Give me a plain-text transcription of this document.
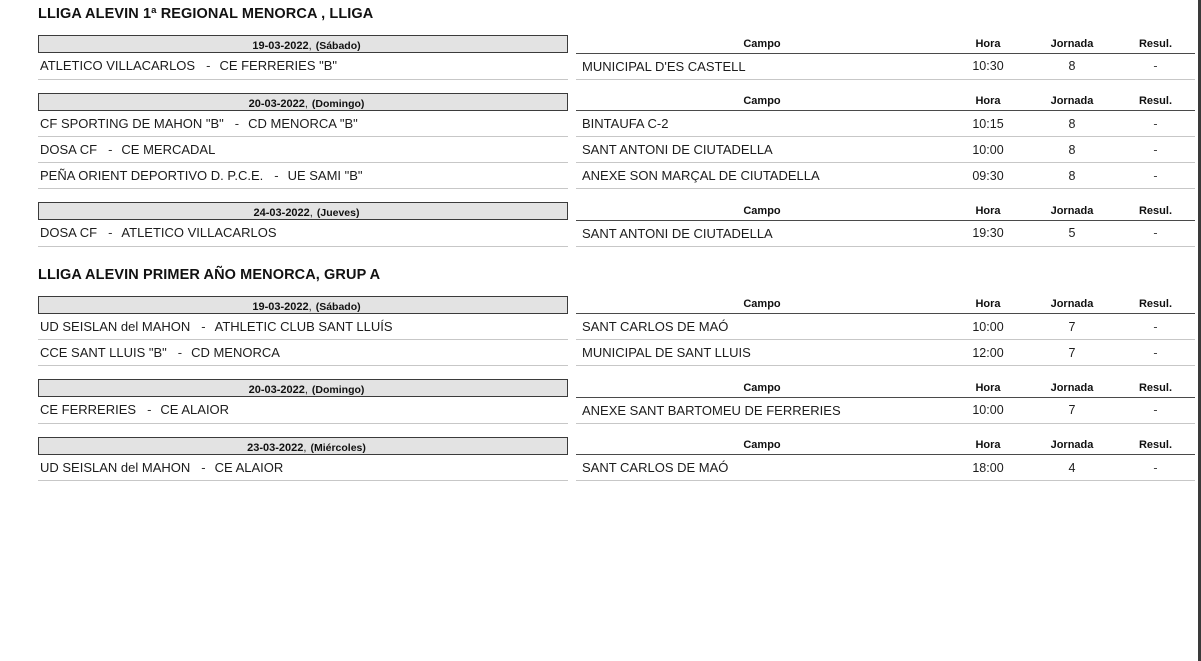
LLIGA ALEVIN 1ª REGIONAL MENORCA , LLIGA
19-03-2022, (Sábado)		Campo	Hora	Jornada	Resul.
ATLETICO VILLACARLOS - CE FERRERIES "B"		MUNICIPAL D'ES CASTELL	10:30	8	-
20-03-2022, (Domingo)		Campo	Hora	Jornada	Resul.
CF SPORTING DE MAHON "B" - CD MENORCA "B"		BINTAUFA C-2	10:15	8	-
DOSA CF - CE MERCADAL		SANT ANTONI DE CIUTADELLA	10:00	8	-
PEÑA ORIENT DEPORTIVO D. P.C.E. - UE SAMI "B"		ANEXE SON MARÇAL DE CIUTADELLA	09:30	8	-
24-03-2022, (Jueves)		Campo	Hora	Jornada	Resul.
DOSA CF - ATLETICO VILLACARLOS		SANT ANTONI DE CIUTADELLA	19:30	5	-
LLIGA ALEVIN PRIMER AÑO MENORCA, GRUP A
19-03-2022, (Sábado)		Campo	Hora	Jornada	Resul.
UD SEISLAN del MAHON - ATHLETIC CLUB SANT LLUÍS		SANT CARLOS DE MAÓ	10:00	7	-
CCE SANT LLUIS "B" - CD MENORCA		MUNICIPAL DE SANT LLUIS	12:00	7	-
20-03-2022, (Domingo)		Campo	Hora	Jornada	Resul.
CE FERRERIES - CE ALAIOR		ANEXE SANT BARTOMEU DE FERRERIES	10:00	7	-
23-03-2022, (Miércoles)		Campo	Hora	Jornada	Resul.
UD SEISLAN del MAHON - CE ALAIOR		SANT CARLOS DE MAÓ	18:00	4	-
